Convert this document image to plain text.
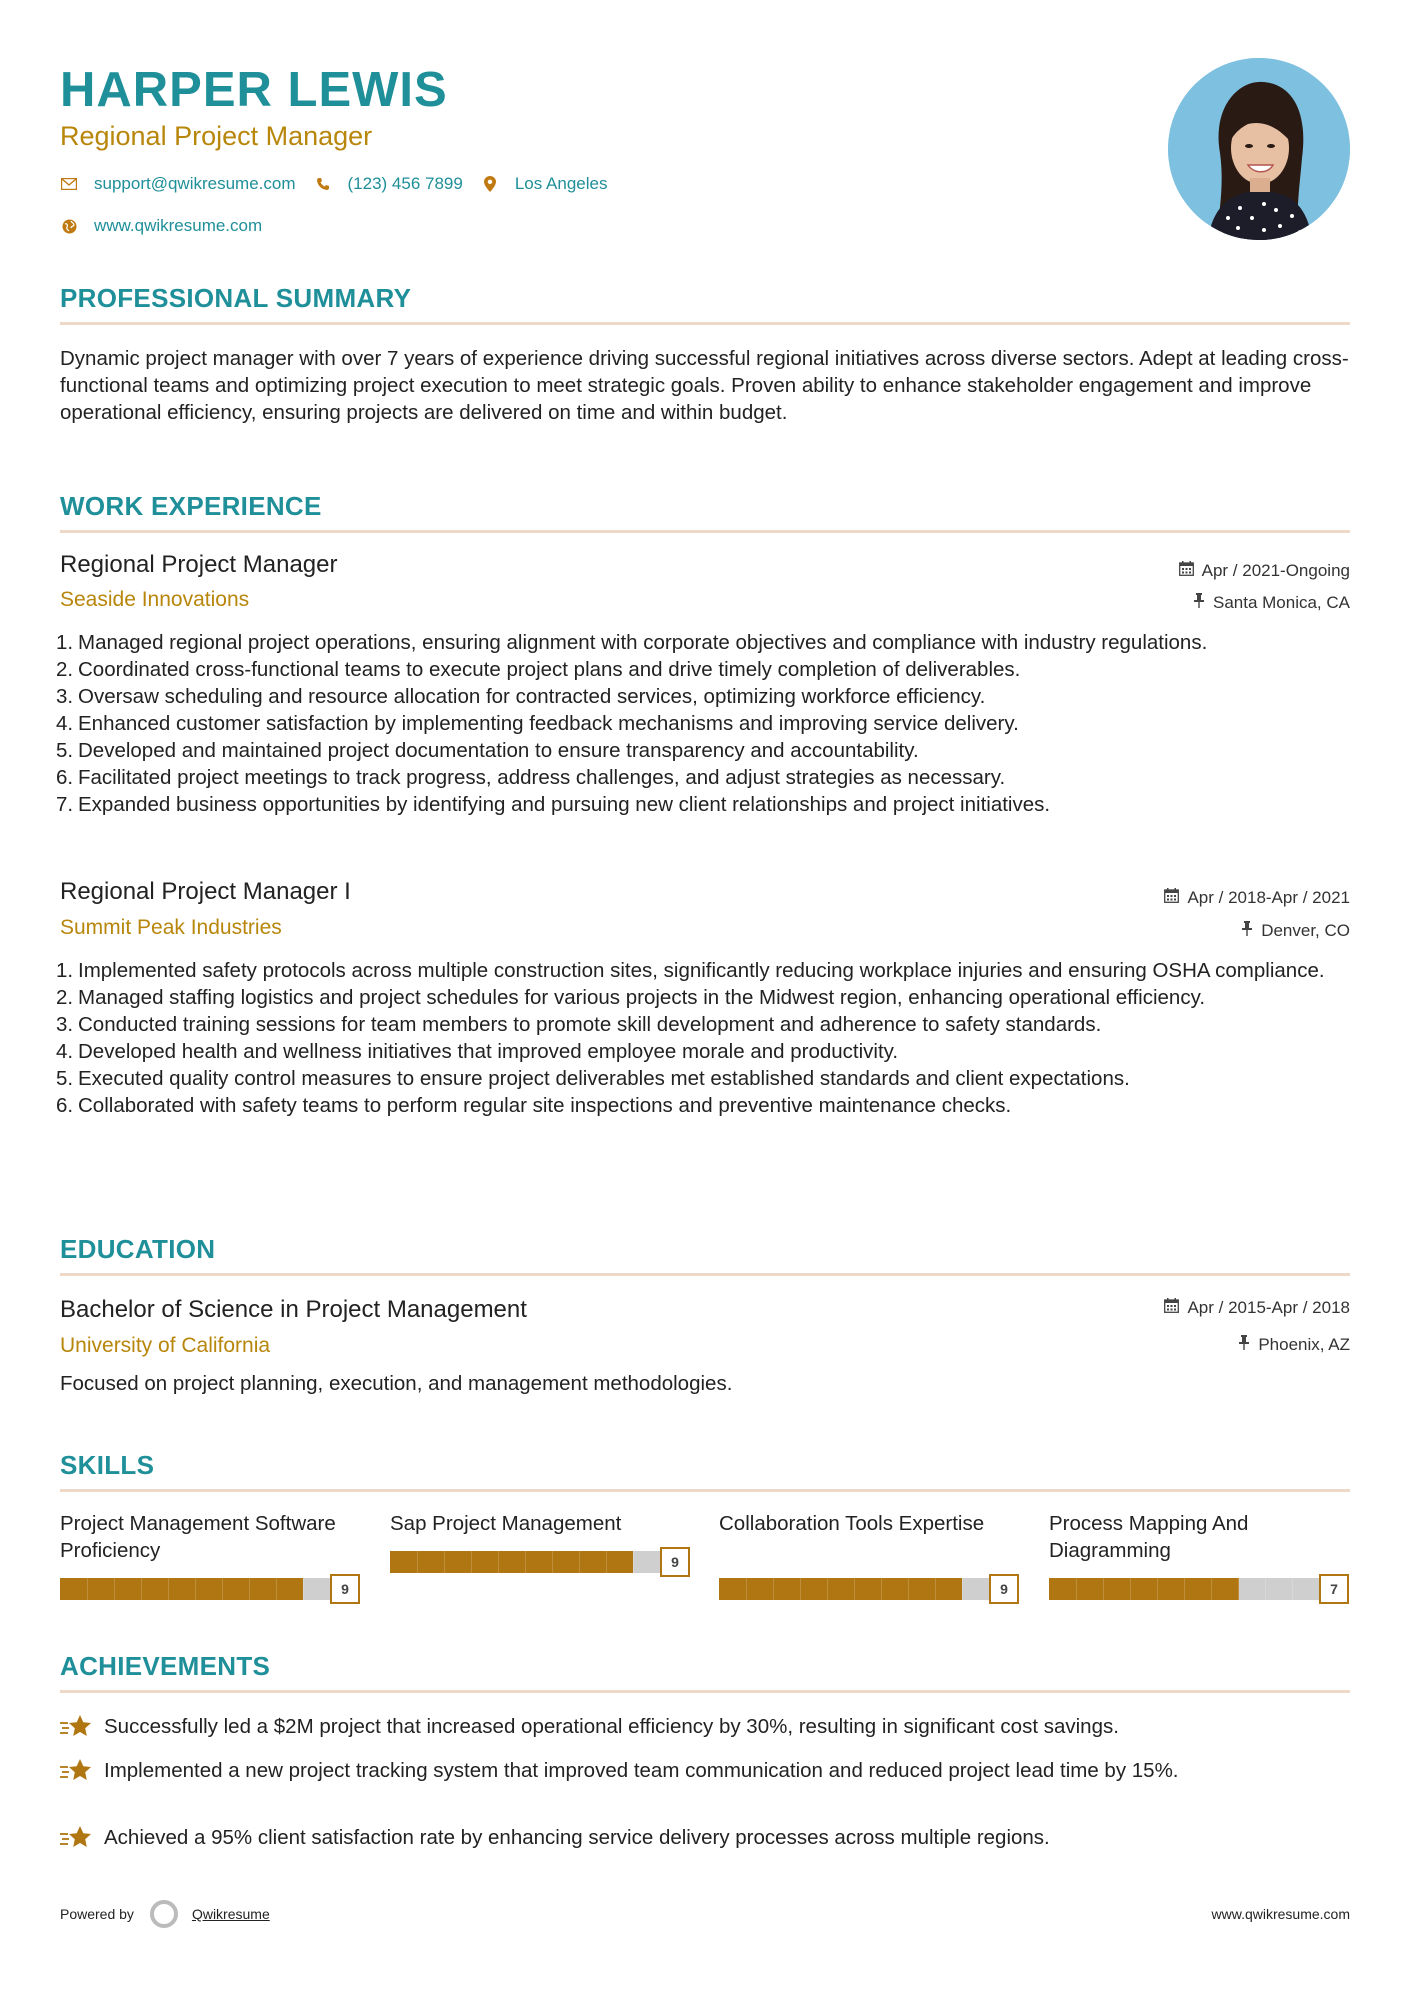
HARPER LEWIS
Regional Project Manager
support@qwikresume.com	(123) 456 7899	Los Angeles
www.qwikresume.com
PROFESSIONAL SUMMARY
Dynamic project manager with over 7 years of experience driving successful regional initiatives across diverse sectors. Adept at leading cross-functional teams and optimizing project execution to meet strategic goals. Proven ability to enhance stakeholder engagement and improve operational efficiency, ensuring projects are delivered on time and within budget.
WORK EXPERIENCE
Regional Project Manager	Apr / 2021-Ongoing
Seaside Innovations	Santa Monica, CA
1. Managed regional project operations, ensuring alignment with corporate objectives and compliance with industry regulations.
2. Coordinated cross-functional teams to execute project plans and drive timely completion of deliverables.
3. Oversaw scheduling and resource allocation for contracted services, optimizing workforce efficiency.
4. Enhanced customer satisfaction by implementing feedback mechanisms and improving service delivery.
5. Developed and maintained project documentation to ensure transparency and accountability.
6. Facilitated project meetings to track progress, address challenges, and adjust strategies as necessary.
7. Expanded business opportunities by identifying and pursuing new client relationships and project initiatives.
Regional Project Manager I	Apr / 2018-Apr / 2021
Summit Peak Industries	Denver, CO
1. Implemented safety protocols across multiple construction sites, significantly reducing workplace injuries and ensuring OSHA compliance.
2. Managed staffing logistics and project schedules for various projects in the Midwest region, enhancing operational efficiency.
3. Conducted training sessions for team members to promote skill development and adherence to safety standards.
4. Developed health and wellness initiatives that improved employee morale and productivity.
5. Executed quality control measures to ensure project deliverables met established standards and client expectations.
6. Collaborated with safety teams to perform regular site inspections and preventive maintenance checks.
EDUCATION
Bachelor of Science in Project Management	Apr / 2015-Apr / 2018
University of California	Phoenix, AZ
Focused on project planning, execution, and management methodologies.
SKILLS
Project Management Software Proficiency
9
Sap Project Management
9
Collaboration Tools Expertise
9
Process Mapping And Diagramming
7
ACHIEVEMENTS
Successfully led a $2M project that increased operational efficiency by 30%, resulting in significant cost savings.
Implemented a new project tracking system that improved team communication and reduced project lead time by 15%.
Achieved a 95% client satisfaction rate by enhancing service delivery processes across multiple regions.
Powered by	Qwikresume	www.qwikresume.com
